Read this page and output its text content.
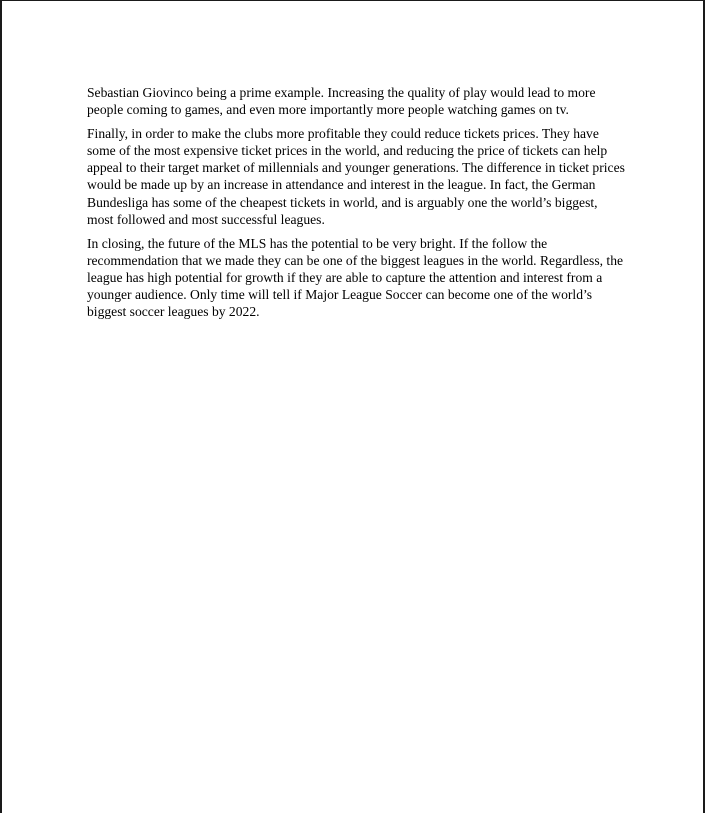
Sebastian Giovinco being a prime example. Increasing the quality of play would lead to more people coming to games, and even more importantly more people watching games on tv.

Finally, in order to make the clubs more profitable they could reduce tickets prices. They have some of the most expensive ticket prices in the world, and reducing the price of tickets can help appeal to their target market of millennials and younger generations. The difference in ticket prices would be made up by an increase in attendance and interest in the league. In fact, the German Bundesliga has some of the cheapest tickets in world, and is arguably one the world’s biggest, most followed and most successful leagues.

In closing, the future of the MLS has the potential to be very bright. If the follow the recommendation that we made they can be one of the biggest leagues in the world. Regardless, the league has high potential for growth if they are able to capture the attention and interest from a younger audience. Only time will tell if Major League Soccer can become one of the world’s biggest soccer leagues by 2022.
